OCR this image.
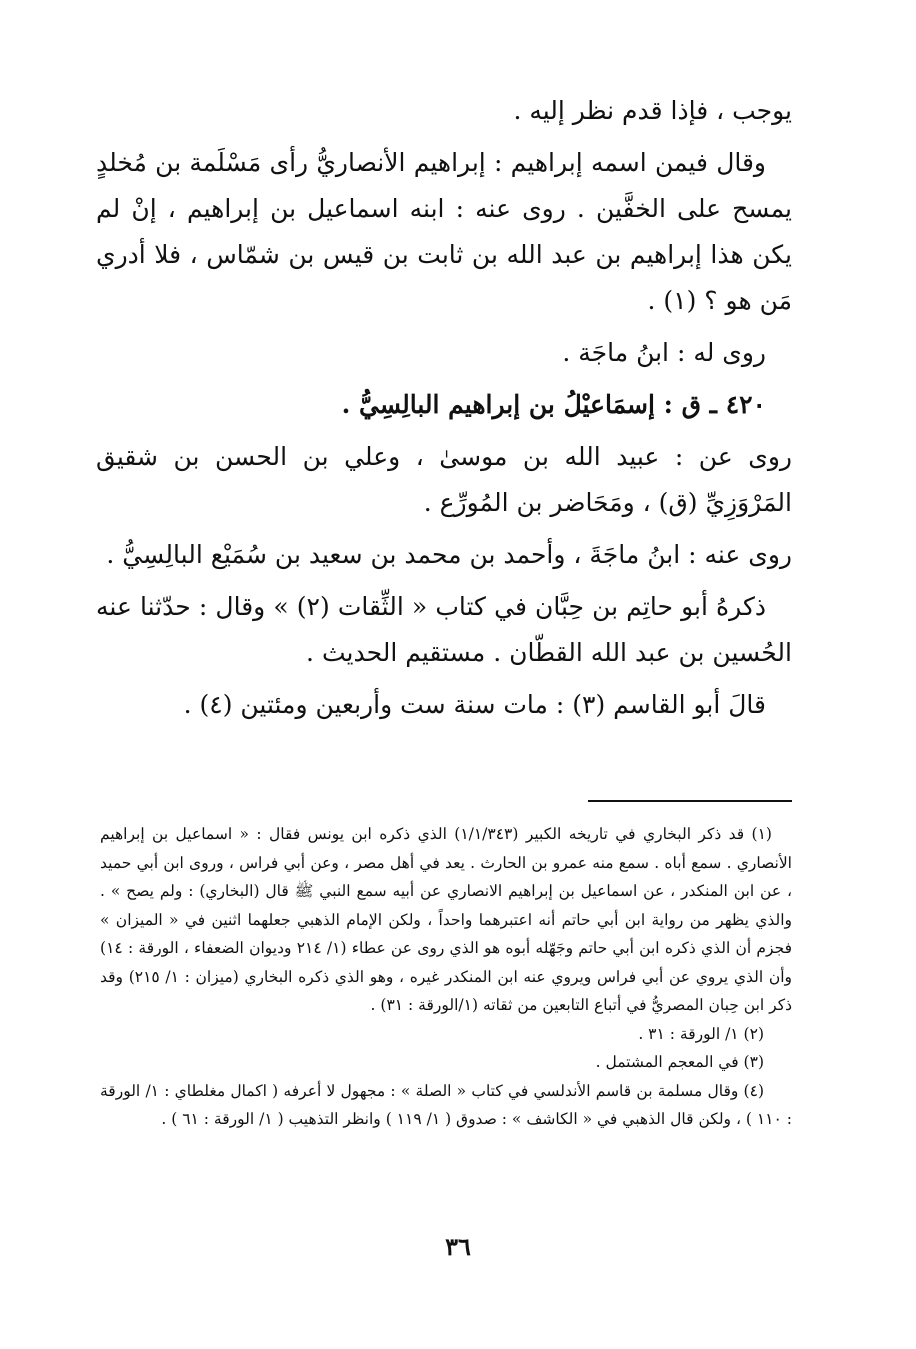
يوجب ، فإذا قدم نظر إليه .

وقال فيمن اسمه إبراهيم : إبراهيم الأنصاريُّ رأى مَسْلَمة بن مُخلدٍ يمسح على الخفَّين . روى عنه : ابنه اسماعيل بن إبراهيم ، إنْ لم يكن هذا إبراهيم بن عبد الله بن ثابت بن قيس بن شمّاس ، فلا أدري مَن هو ؟ (١) .

روى له : ابنُ ماجَة .

٤٢٠ ـ ق : إسمَاعيْلُ بن إبراهيم البالِسِيُّ .

روى عن : عبيد الله بن موسىٰ ، وعلي بن الحسن بن شقيق المَرْوَزِيِّ (ق) ، ومَحَاضر بن المُورِّع .

روى عنه : ابنُ ماجَةَ ، وأحمد بن محمد بن سعيد بن سُمَيْع البالِسِيُّ .

ذكرهُ أبو حاتِم بن حِبَّان في كتاب « الثِّقات (٢) » وقال : حدّثنا عنه الحُسين بن عبد الله القطّان . مستقيم الحديث .

قالَ أبو القاسم (٣) : مات سنة ست وأربعين ومئتين (٤) .

(١) قد ذكر البخاري في تاريخه الكبير (١/١/٣٤٣) الذي ذكره ابن يونس فقال : « اسماعيل بن إبراهيم الأنصاري . سمع أباه . سمع منه عمرو بن الحارث . يعد في أهل مصر ، وعن أبي فراس ، وروى ابن أبي حميد ، عن ابن المنكدر ، عن اسماعيل بن إبراهيم الانصاري عن أبيه سمع النبي ﷺ قال (البخاري) : ولم يصح » . والذي يظهر من رواية ابن أبي حاتم أنه اعتبرهما واحداً ، ولكن الإمام الذهبي جعلهما اثنين في « الميزان » فجزم أن الذي ذكره ابن أبي حاتم وجَهّله أبوه هو الذي روى عن عطاء (١/ ٢١٤ وديوان الضعفاء ، الورقة : ١٤) وأن الذي يروي عن أبي فراس ويروي عنه ابن المنكدر غيره ، وهو الذي ذكره البخاري (ميزان : ١/ ٢١٥) وقد ذكر ابن حِبان المصريُّ في أتباع التابعين من ثقاته (١/الورقة : ٣١) .

(٢) ١/ الورقة : ٣١ .

(٣) في المعجم المشتمل .

(٤) وقال مسلمة بن قاسم الأندلسي في كتاب « الصلة » : مجهول لا أعرفه ( اكمال مغلطاي : ١/ الورقة : ١١٠ ) ، ولكن قال الذهبي في « الكاشف » : صدوق ( ١/ ١١٩ ) وانظر التذهيب ( ١/ الورقة : ٦١ ) .

٣٦
